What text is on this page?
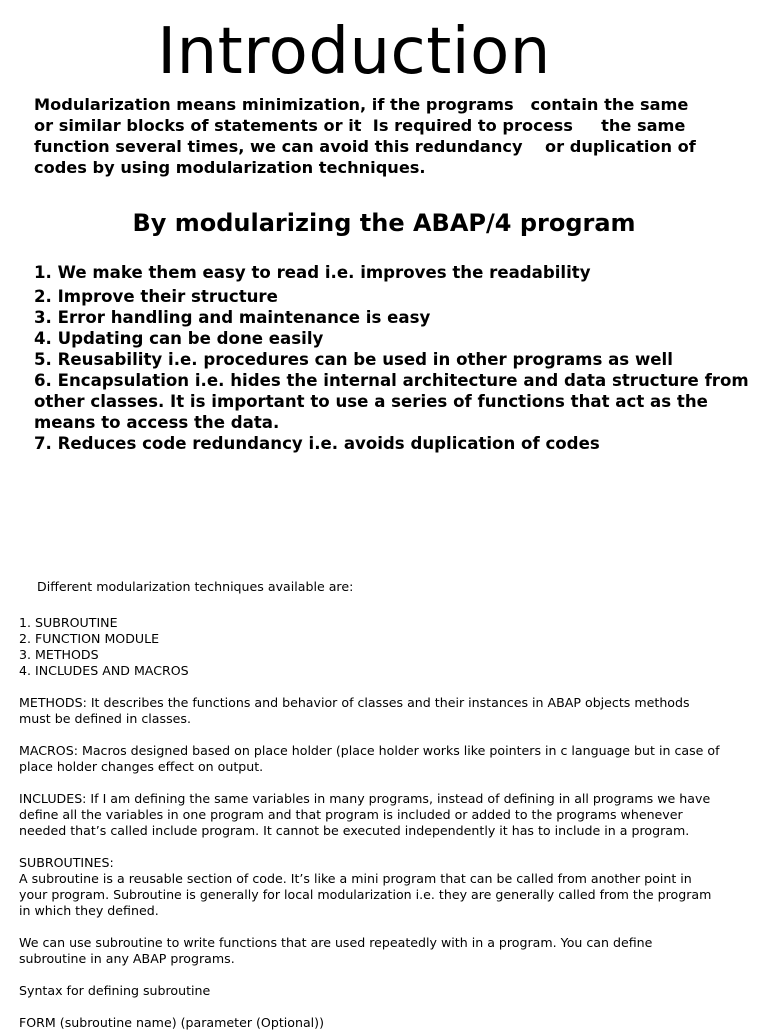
Introduction

Modularization means minimization, if the programs   contain the same
or similar blocks of statements or it  Is required to process     the same
function several times, we can avoid this redundancy    or duplication of
codes by using modularization techniques.

By modularizing the ABAP/4 program
1. We make them easy to read i.e. improves the readability
2. Improve their structure
3. Error handling and maintenance is easy
4. Updating can be done easily
5. Reusability i.e. procedures can be used in other programs as well
6. Encapsulation i.e. hides the internal architecture and data structure from other classes. It is important to use a series of functions that act as the means to access the data.
7. Reduces code redundancy i.e. avoids duplication of codes

Different modularization techniques available are:

1. SUBROUTINE
2. FUNCTION MODULE
3. METHODS
4. INCLUDES AND MACROS

METHODS: It describes the functions and behavior of classes and their instances in ABAP objects methods
must be defined in classes.

MACROS: Macros designed based on place holder (place holder works like pointers in c language but in case of
place holder changes effect on output.

INCLUDES: If I am defining the same variables in many programs, instead of defining in all programs we have
define all the variables in one program and that program is included or added to the programs whenever
needed that’s called include program. It cannot be executed independently it has to include in a program.

SUBROUTINES:
A subroutine is a reusable section of code. It’s like a mini program that can be called from another point in
your program. Subroutine is generally for local modularization i.e. they are generally called from the program
in which they defined.

We can use subroutine to write functions that are used repeatedly with in a program. You can define
subroutine in any ABAP programs.

Syntax for defining subroutine

FORM (subroutine name) (parameter (Optional))
